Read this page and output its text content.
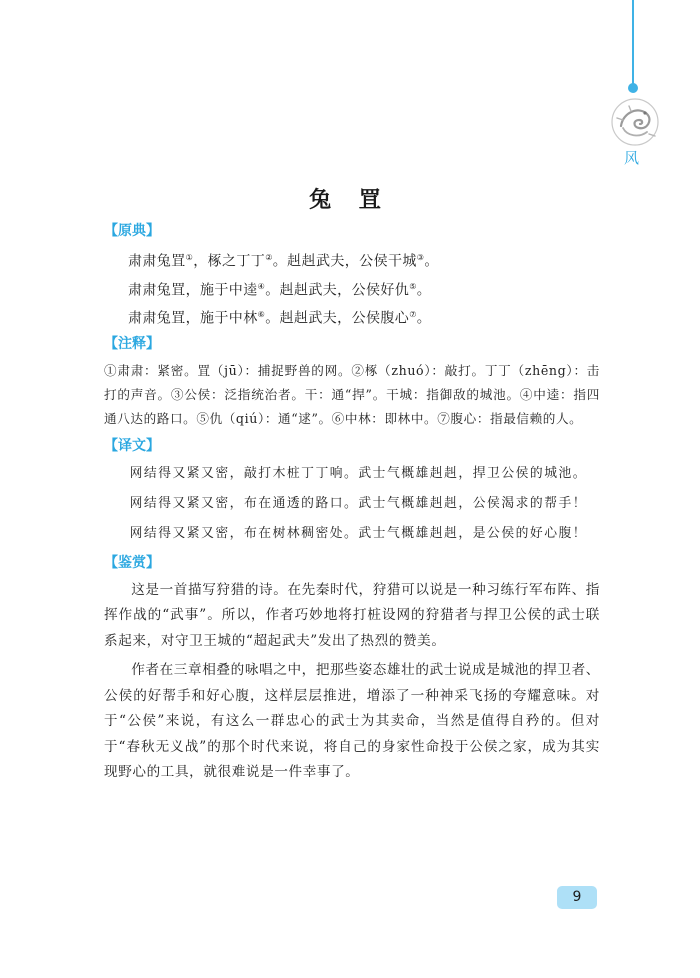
风
兔 罝
【原典】
肃肃兔罝①，椓之丁丁②。赳赳武夫，公侯干城③。
肃肃兔罝，施于中逵④。赳赳武夫，公侯好仇⑤。
肃肃兔罝，施于中林⑥。赳赳武夫，公侯腹心⑦。
【注释】

①肃肃：紧密。罝（jū）：捕捉野兽的网。②椓（zhuó）：敲打。丁丁（zhēng）：击打的声音。③公侯：泛指统治者。干：通“捍”。干城：指御敌的城池。④中逵：指四通八达的路口。⑤仇（qiú）：通“逑”。⑥中林：即林中。⑦腹心：指最信赖的人。

【译文】

网结得又紧又密，敲打木桩丁丁响。武士气概雄赳赳，捍卫公侯的城池。

网结得又紧又密，布在通透的路口。武士气概雄赳赳，公侯渴求的帮手！

网结得又紧又密，布在树林稠密处。武士气概雄赳赳，是公侯的好心腹！

【鉴赏】

这是一首描写狩猎的诗。在先秦时代，狩猎可以说是一种习练行军布阵、指挥作战的“武事”。所以，作者巧妙地将打桩设网的狩猎者与捍卫公侯的武士联系起来，对守卫王城的“超起武夫”发出了热烈的赞美。

作者在三章相叠的咏唱之中，把那些姿态雄壮的武士说成是城池的捍卫者、公侯的好帮手和好心腹，这样层层推进，增添了一种神采飞扬的夸耀意味。对于“公侯”来说，有这么一群忠心的武士为其卖命，当然是值得自矜的。但对于“春秋无义战”的那个时代来说，将自己的身家性命投于公侯之家，成为其实现野心的工具，就很难说是一件幸事了。

9
